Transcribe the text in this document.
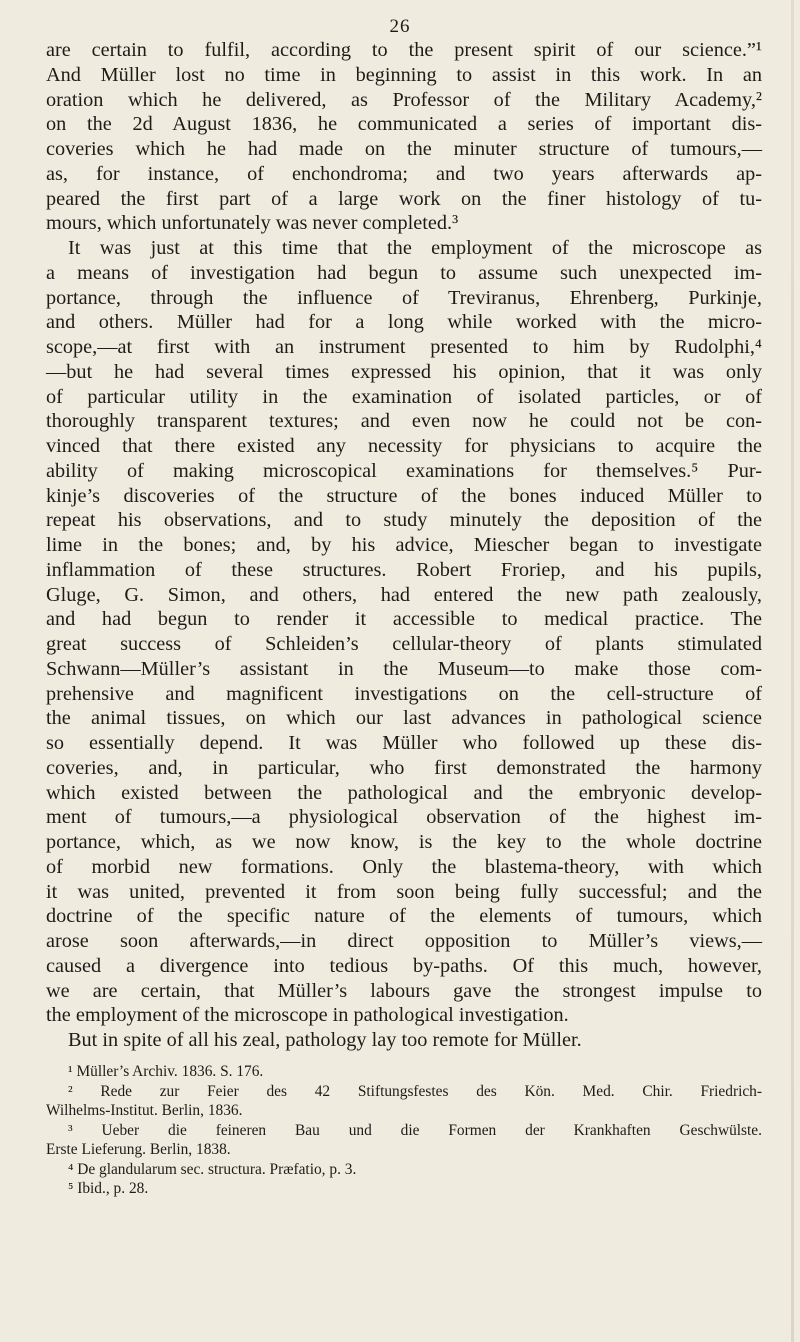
26
are certain to fulfil, according to the present spirit of our science.”¹
And Müller lost no time in beginning to assist in this work. In an
oration which he delivered, as Professor of the Military Academy,²
on the 2d August 1836, he communicated a series of important dis-
coveries which he had made on the minuter structure of tumours,—
as, for instance, of enchondroma; and two years afterwards ap-
peared the first part of a large work on the finer histology of tu-
mours, which unfortunately was never completed.³
It was just at this time that the employment of the microscope as
a means of investigation had begun to assume such unexpected im-
portance, through the influence of Treviranus, Ehrenberg, Purkinje,
and others. Müller had for a long while worked with the micro-
scope,—at first with an instrument presented to him by Rudolphi,⁴
—but he had several times expressed his opinion, that it was only
of particular utility in the examination of isolated particles, or of
thoroughly transparent textures; and even now he could not be con-
vinced that there existed any necessity for physicians to acquire the
ability of making microscopical examinations for themselves.⁵ Pur-
kinje’s discoveries of the structure of the bones induced Müller to
repeat his observations, and to study minutely the deposition of the
lime in the bones; and, by his advice, Miescher began to investigate
inflammation of these structures. Robert Froriep, and his pupils,
Gluge, G. Simon, and others, had entered the new path zealously,
and had begun to render it accessible to medical practice. The
great success of Schleiden’s cellular-theory of plants stimulated
Schwann—Müller’s assistant in the Museum—to make those com-
prehensive and magnificent investigations on the cell-structure of
the animal tissues, on which our last advances in pathological science
so essentially depend. It was Müller who followed up these dis-
coveries, and, in particular, who first demonstrated the harmony
which existed between the pathological and the embryonic develop-
ment of tumours,—a physiological observation of the highest im-
portance, which, as we now know, is the key to the whole doctrine
of morbid new formations. Only the blastema-theory, with which
it was united, prevented it from soon being fully successful; and the
doctrine of the specific nature of the elements of tumours, which
arose soon afterwards,—in direct opposition to Müller’s views,—
caused a divergence into tedious by-paths. Of this much, however,
we are certain, that Müller’s labours gave the strongest impulse to
the employment of the microscope in pathological investigation.
But in spite of all his zeal, pathology lay too remote for Müller.
¹ Müller’s Archiv. 1836. S. 176.
² Rede zur Feier des 42 Stiftungsfestes des Kön. Med. Chir. Friedrich-
Wilhelms-Institut. Berlin, 1836.
³ Ueber die feineren Bau und die Formen der Krankhaften Geschwülste.
Erste Lieferung. Berlin, 1838.
⁴ De glandularum sec. structura. Præfatio, p. 3.
⁵ Ibid., p. 28.
